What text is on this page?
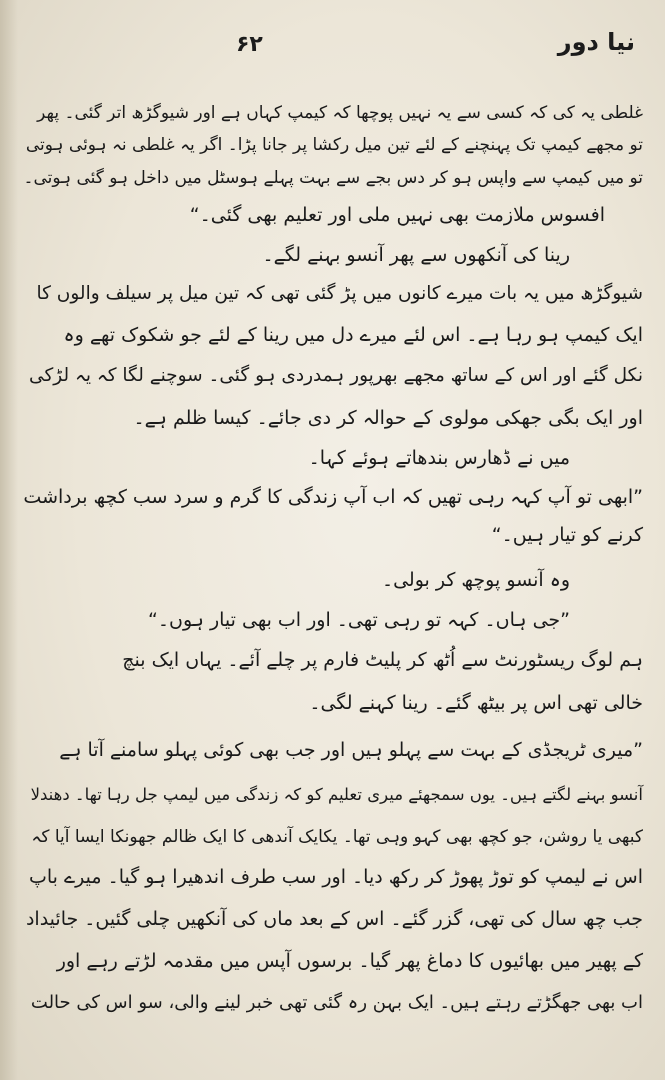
نیا دور
۶۲
غلطی یہ کی کہ کسی سے یہ نہیں پوچھا کہ کیمپ کہاں ہے اور شیوگڑھ اتر گئی۔ پھر
تو مجھے کیمپ تک پہنچنے کے لئے تین میل رکشا پر جانا پڑا۔ اگر یہ غلطی نہ ہوئی ہوتی
تو میں کیمپ سے واپس ہو کر دس بجے سے بہت پہلے ہوسٹل میں داخل ہو گئی ہوتی۔
افسوس ملازمت بھی نہیں ملی اور تعلیم بھی گئی۔“
رینا کی آنکھوں سے پھر آنسو بہنے لگے۔
شیوگڑھ میں یہ بات میرے کانوں میں پڑ گئی تھی کہ تین میل پر سیلف والوں کا
ایک کیمپ ہو رہا ہے۔ اس لئے میرے دل میں رینا کے لئے جو شکوک تھے وہ
نکل گئے اور اس کے ساتھ مجھے بھرپور ہمدردی ہو گئی۔ سوچنے لگا کہ یہ لڑکی
اور ایک بگی جھکی مولوی کے حوالہ کر دی جائے۔ کیسا ظلم ہے۔
میں نے ڈھارس بندھاتے ہوئے کہا۔
”ابھی تو آپ کہہ رہی تھیں کہ اب آپ زندگی کا گرم و سرد سب کچھ برداشت
کرنے کو تیار ہیں۔“
وہ آنسو پوچھ کر بولی۔
”جی ہاں۔ کہہ تو رہی تھی۔ اور اب بھی تیار ہوں۔“
ہم لوگ ریسٹورنٹ سے اُٹھ کر پلیٹ فارم پر چلے آئے۔ یہاں ایک بنچ
خالی تھی اس پر بیٹھ گئے۔ رینا کہنے لگی۔
”میری ٹریجڈی کے بہت سے پہلو ہیں اور جب بھی کوئی پہلو سامنے آتا ہے
آنسو بہنے لگتے ہیں۔ یوں سمجھئے میری تعلیم کو کہ زندگی میں لیمپ جل رہا تھا۔ دھندلا
کبھی یا روشن، جو کچھ بھی کہو وہی تھا۔ یکایک آندھی کا ایک ظالم جھونکا ایسا آیا کہ
اس نے لیمپ کو توڑ پھوڑ کر رکھ دیا۔ اور سب طرف اندھیرا ہو گیا۔ میرے باپ
جب چھ سال کی تھی، گزر گئے۔ اس کے بعد ماں کی آنکھیں چلی گئیں۔ جائیداد
کے پھیر میں بھائیوں کا دماغ پھر گیا۔ برسوں آپس میں مقدمہ لڑتے رہے اور
اب بھی جھگڑتے رہتے ہیں۔ ایک بہن رہ گئی تھی خبر لینے والی، سو اس کی حالت
